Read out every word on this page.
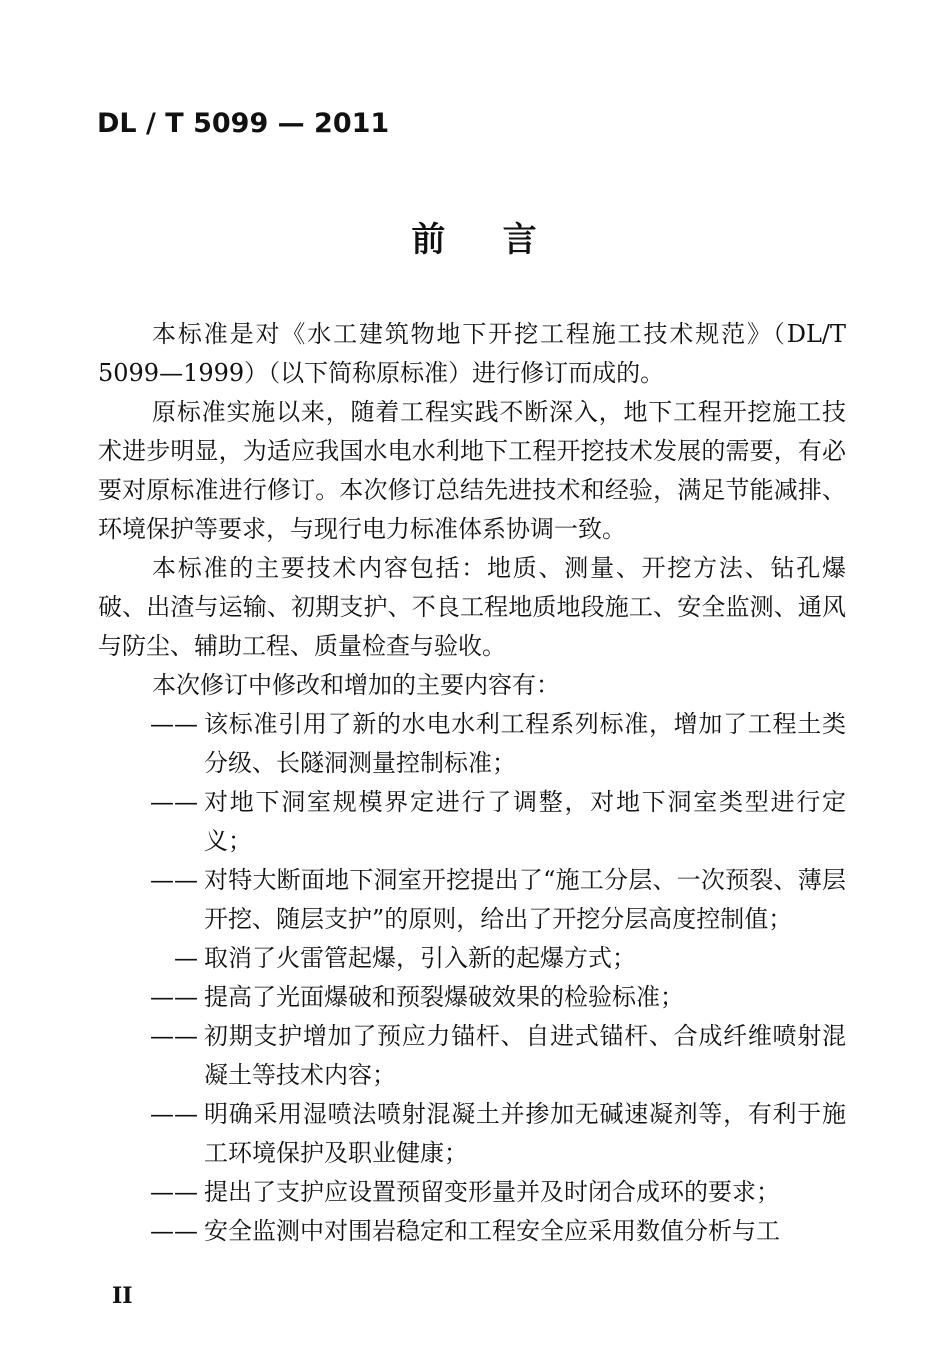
DL / T 5099 — 2011
前    言

本标准是对《水工建筑物地下开挖工程施工技术规范》（DL/T 5099—1999）（以下简称原标准）进行修订而成的。

原标准实施以来，随着工程实践不断深入，地下工程开挖施工技术进步明显，为适应我国水电水利地下工程开挖技术发展的需要，有必要对原标准进行修订。本次修订总结先进技术和经验，满足节能减排、环境保护等要求，与现行电力标准体系协调一致。

本标准的主要技术内容包括：地质、测量、开挖方法、钻孔爆破、出渣与运输、初期支护、不良工程地质地段施工、安全监测、通风与防尘、辅助工程、质量检查与验收。

本次修订中修改和增加的主要内容有：

—— 该标准引用了新的水电水利工程系列标准，增加了工程土类分级、长隧洞测量控制标准；
—— 对地下洞室规模界定进行了调整，对地下洞室类型进行定义；
—— 对特大断面地下洞室开挖提出了“施工分层、一次预裂、薄层开挖、随层支护”的原则，给出了开挖分层高度控制值；
— 取消了火雷管起爆，引入新的起爆方式；
—— 提高了光面爆破和预裂爆破效果的检验标准；
—— 初期支护增加了预应力锚杆、自进式锚杆、合成纤维喷射混凝土等技术内容；
—— 明确采用湿喷法喷射混凝土并掺加无碱速凝剂等，有利于施工环境保护及职业健康；
—— 提出了支护应设置预留变形量并及时闭合成环的要求；
—— 安全监测中对围岩稳定和工程安全应采用数值分析与工
II
